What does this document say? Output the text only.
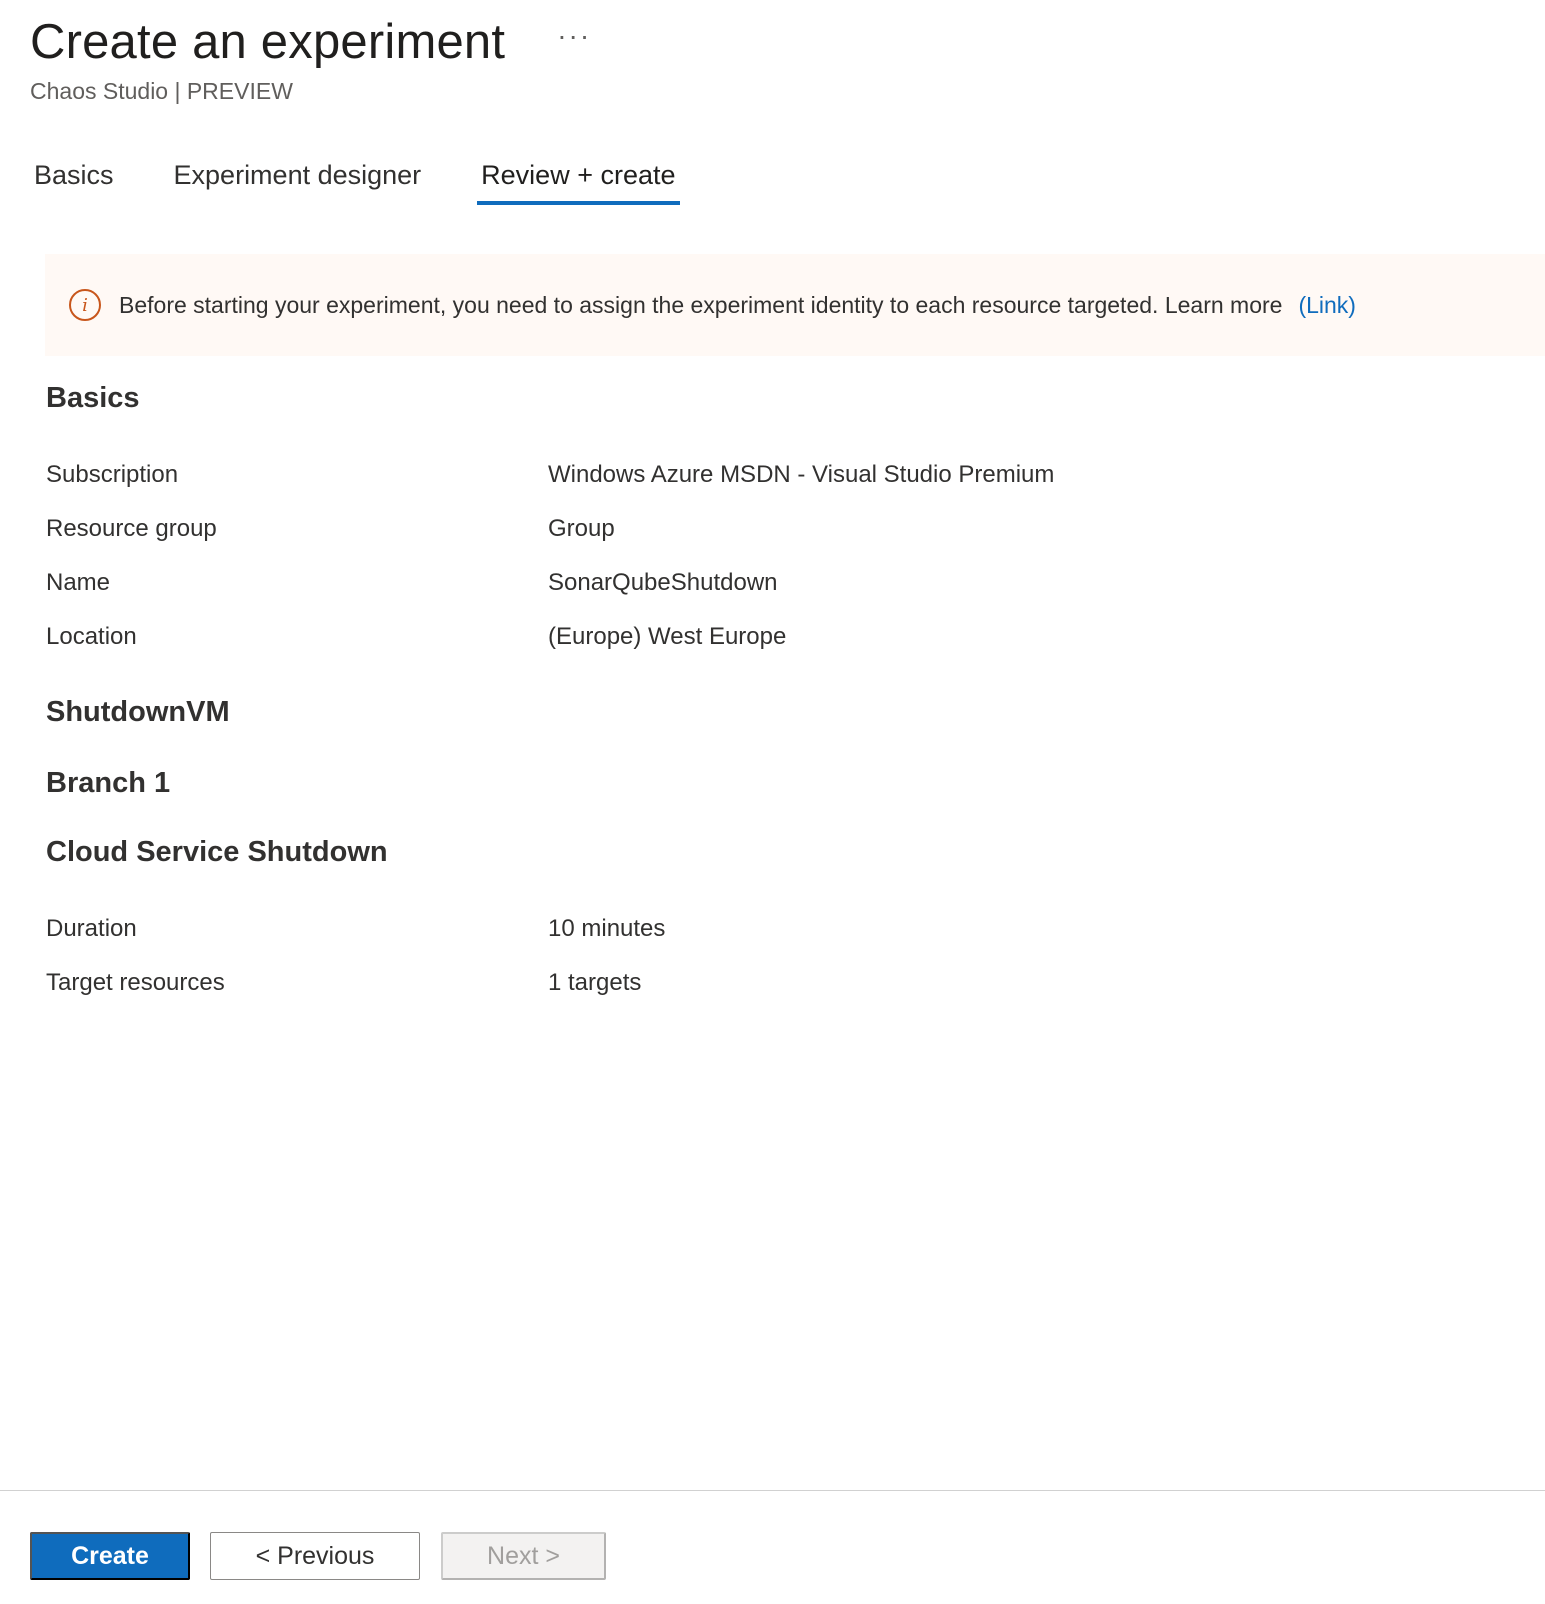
Create an experiment ···
Chaos Studio | PREVIEW
Basics Experiment designer Review + create
i	Before starting your experiment, you need to assign the experiment identity to each resource targeted. Learn more (Link)
Basics
Subscription	Windows Azure MSDN - Visual Studio Premium
Resource group	Group
Name	SonarQubeShutdown
Location	(Europe) West Europe
ShutdownVM
Branch 1
Cloud Service Shutdown
Duration	10 minutes
Target resources	1 targets
Create	< Previous	Next >
